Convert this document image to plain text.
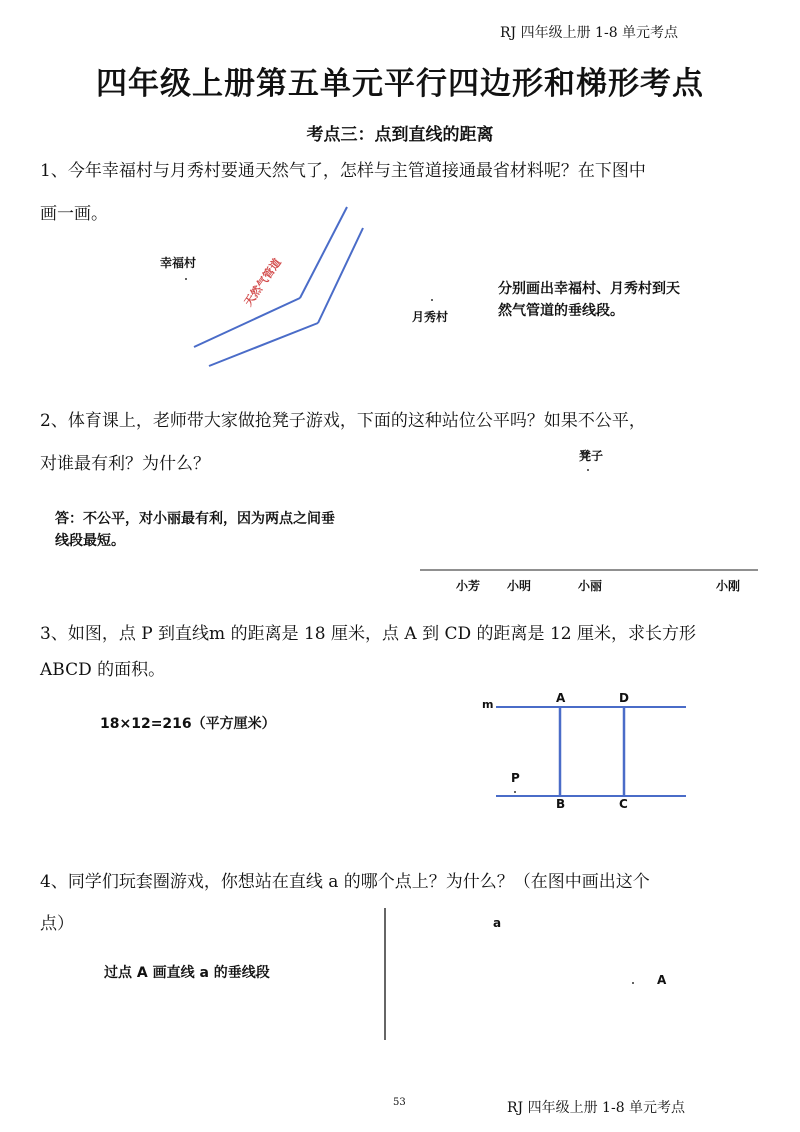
RJ 四年级上册 1-8 单元考点
四年级上册第五单元平行四边形和梯形考点
考点三：点到直线的距离
1、今年幸福村与月秀村要通天然气了，怎样与主管道接通最省材料呢？在下图中
画一画。
幸福村
月秀村
天然气管道	分别画出幸福村、月秀村到天
然气管道的垂线段。
2、体育课上，老师带大家做抢凳子游戏，下面的这种站位公平吗？如果不公平，
对谁最有利？为什么？	凳子
答：不公平，对小丽最有利，因为两点之间垂
线段最短。
小芳 小明	小丽	小刚
3、如图，点 P 到直线m 的距离是 18 厘米，点 A 到 CD 的距离是 12 厘米，求长方形
ABCD 的面积。
18×12=216（平方厘米）
m	A	D
P
B	C
4、同学们玩套圈游戏，你想站在直线 a 的哪个点上？为什么？（在图中画出这个
点）
过点 A 画直线 a 的垂线段
a
A
53	RJ 四年级上册 1-8 单元考点
